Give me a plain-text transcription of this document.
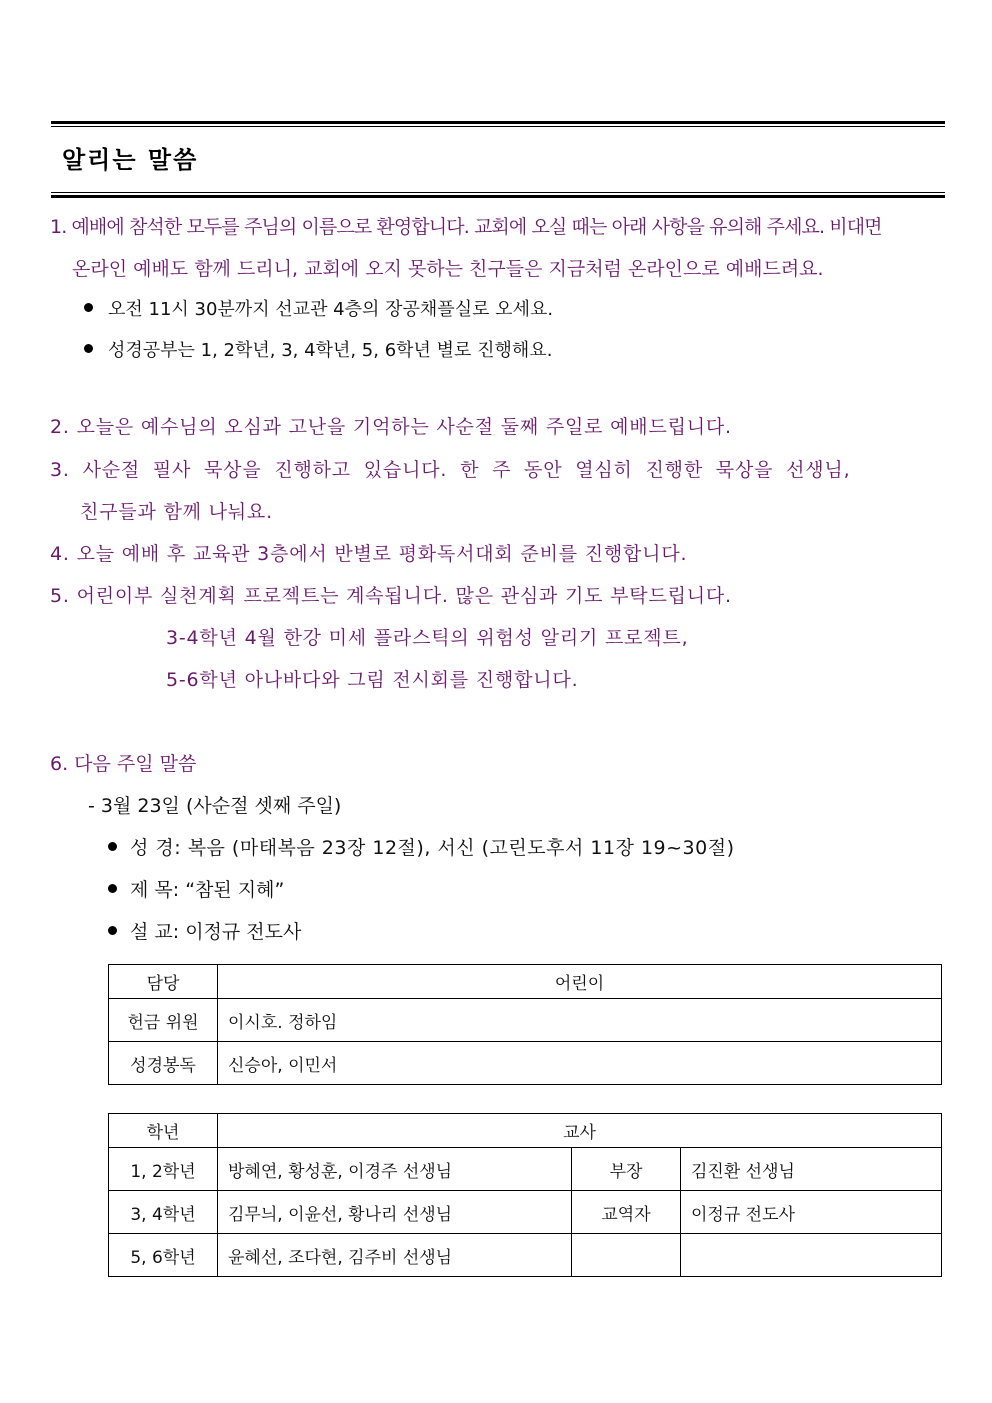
알리는 말씀
1. 예배에 참석한 모두를 주님의 이름으로 환영합니다. 교회에 오실 때는 아래 사항을 유의해 주세요. 비대면
온라인 예배도 함께 드리니, 교회에 오지 못하는 친구들은 지금처럼 온라인으로 예배드려요.
오전 11시 30분까지 선교관 4층의 장공채플실로 오세요.
성경공부는 1, 2학년, 3, 4학년, 5, 6학년 별로 진행해요.
2. 오늘은 예수님의 오심과 고난을 기억하는 사순절 둘째 주일로 예배드립니다.
3. 사순절 필사 묵상을 진행하고 있습니다. 한 주 동안 열심히 진행한 묵상을 선생님,
친구들과 함께 나눠요.
4. 오늘 예배 후 교육관 3층에서 반별로 평화독서대회 준비를 진행합니다.
5. 어린이부 실천계획 프로젝트는 계속됩니다. 많은 관심과 기도 부탁드립니다.
3-4학년 4월 한강 미세 플라스틱의 위험성 알리기 프로젝트,
5-6학년 아나바다와 그림 전시회를 진행합니다.
6. 다음 주일 말씀
- 3월 23일 (사순절 셋째 주일)
성 경: 복음 (마태복음 23장 12절), 서신 (고린도후서 11장 19~30절)
제 목: “참된 지혜”
설 교: 이정규 전도사
담당	어린이
헌금 위원	이시호. 정하임
성경봉독	신승아, 이민서
학년	교사		
1, 2학년	방혜연, 황성훈, 이경주 선생님	부장	김진환 선생님
3, 4학년	김무늬, 이윤선, 황나리 선생님	교역자	이정규 전도사
5, 6학년	윤혜선, 조다현, 김주비 선생님		
